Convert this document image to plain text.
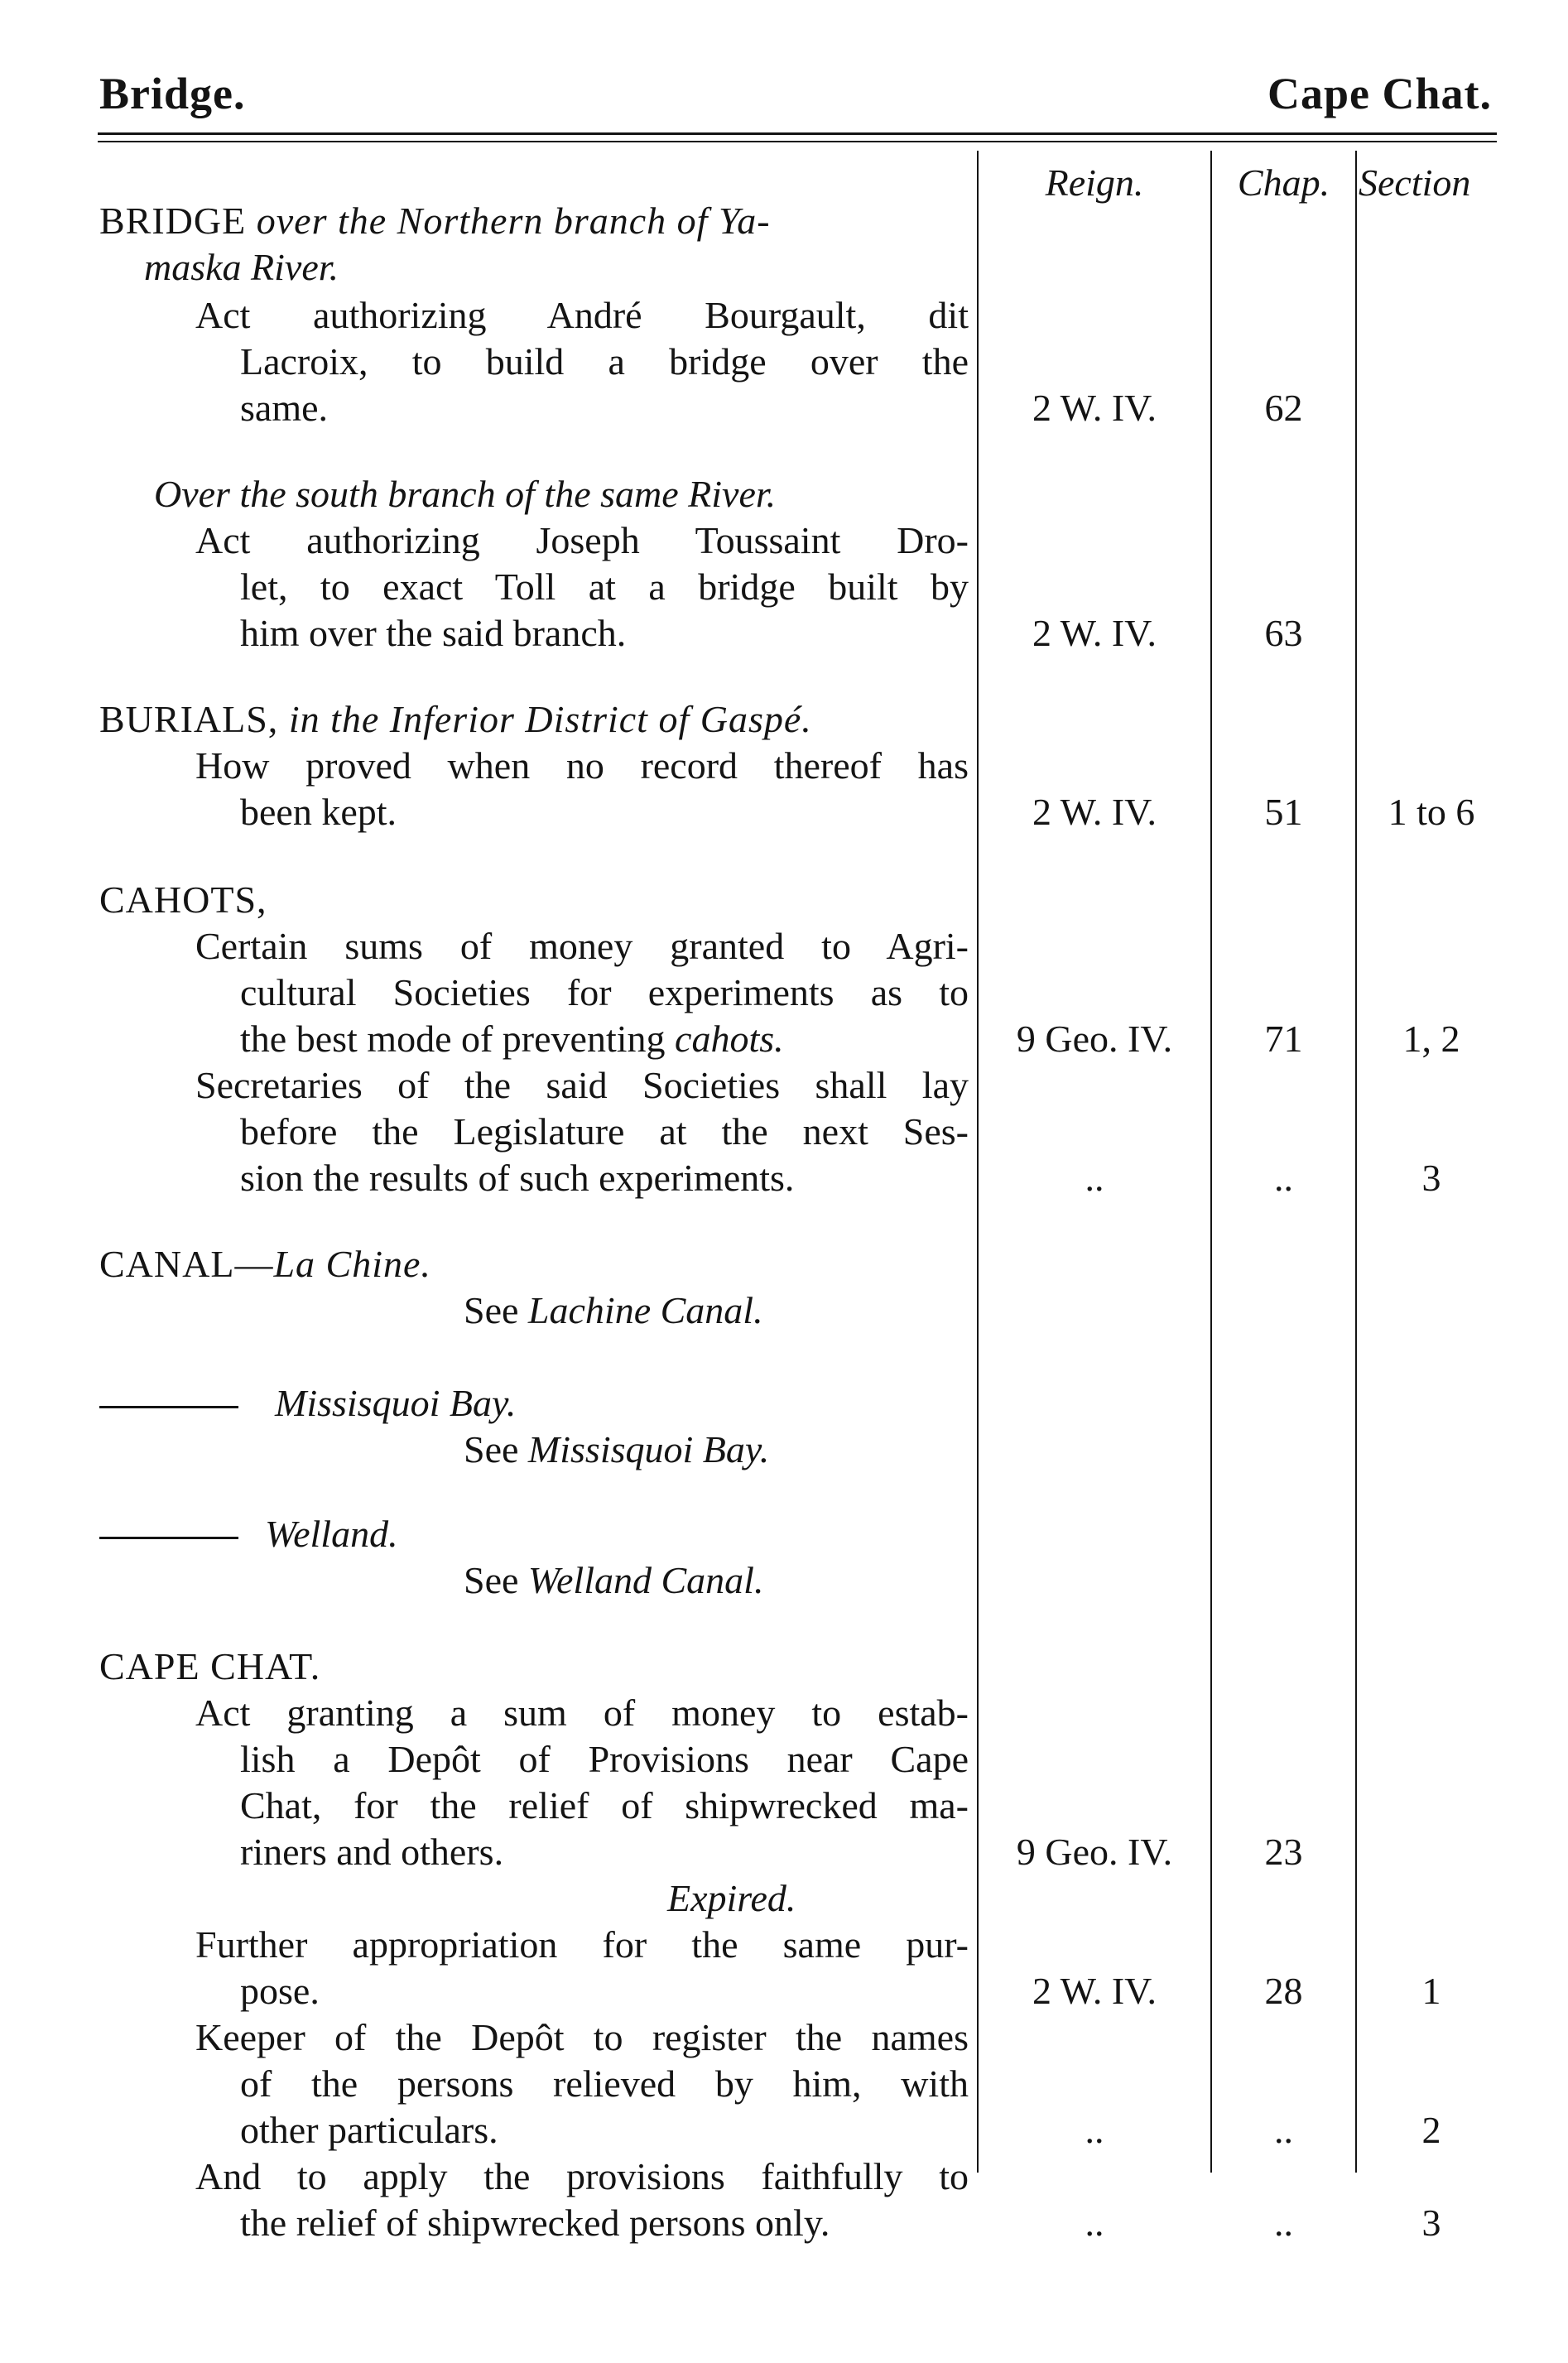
Bridge.	Cape Chat.
Reign.	Chap. Section
BRIDGE over the Northern branch of Ya-
maska River.
Act authorizing André Bourgault, dit
Lacroix, to build a bridge over the
same.	2 W. IV.	62
Over the south branch of the same River.
Act authorizing Joseph Toussaint Dro-
let, to exact Toll at a bridge built by
him over the said branch.	2 W. IV.	63
BURIALS, in the Inferior District of Gaspé.
How proved when no record thereof has
been kept.	2 W. IV.	51	1 to 6
CAHOTS,
Certain sums of money granted to Agri-
cultural Societies for experiments as to
the best mode of preventing cahots.	9 Geo. IV.	71	1, 2
Secretaries of the said Societies shall lay
before the Legislature at the next Ses-
sion the results of such experiments.	..	..	3
CANAL—La Chine.
See Lachine Canal.
Missisquoi Bay.
See Missisquoi Bay.
Welland.
See Welland Canal.
CAPE CHAT.
Act granting a sum of money to estab-
lish a Depôt of Provisions near Cape
Chat, for the relief of shipwrecked ma-
riners and others.	9 Geo. IV.	23
Expired.
Further appropriation for the same pur-
pose.	2 W. IV.	28	1
Keeper of the Depôt to register the names
of the persons relieved by him, with
other particulars.	..	..	2
And to apply the provisions faithfully to
the relief of shipwrecked persons only.	..	..	3
